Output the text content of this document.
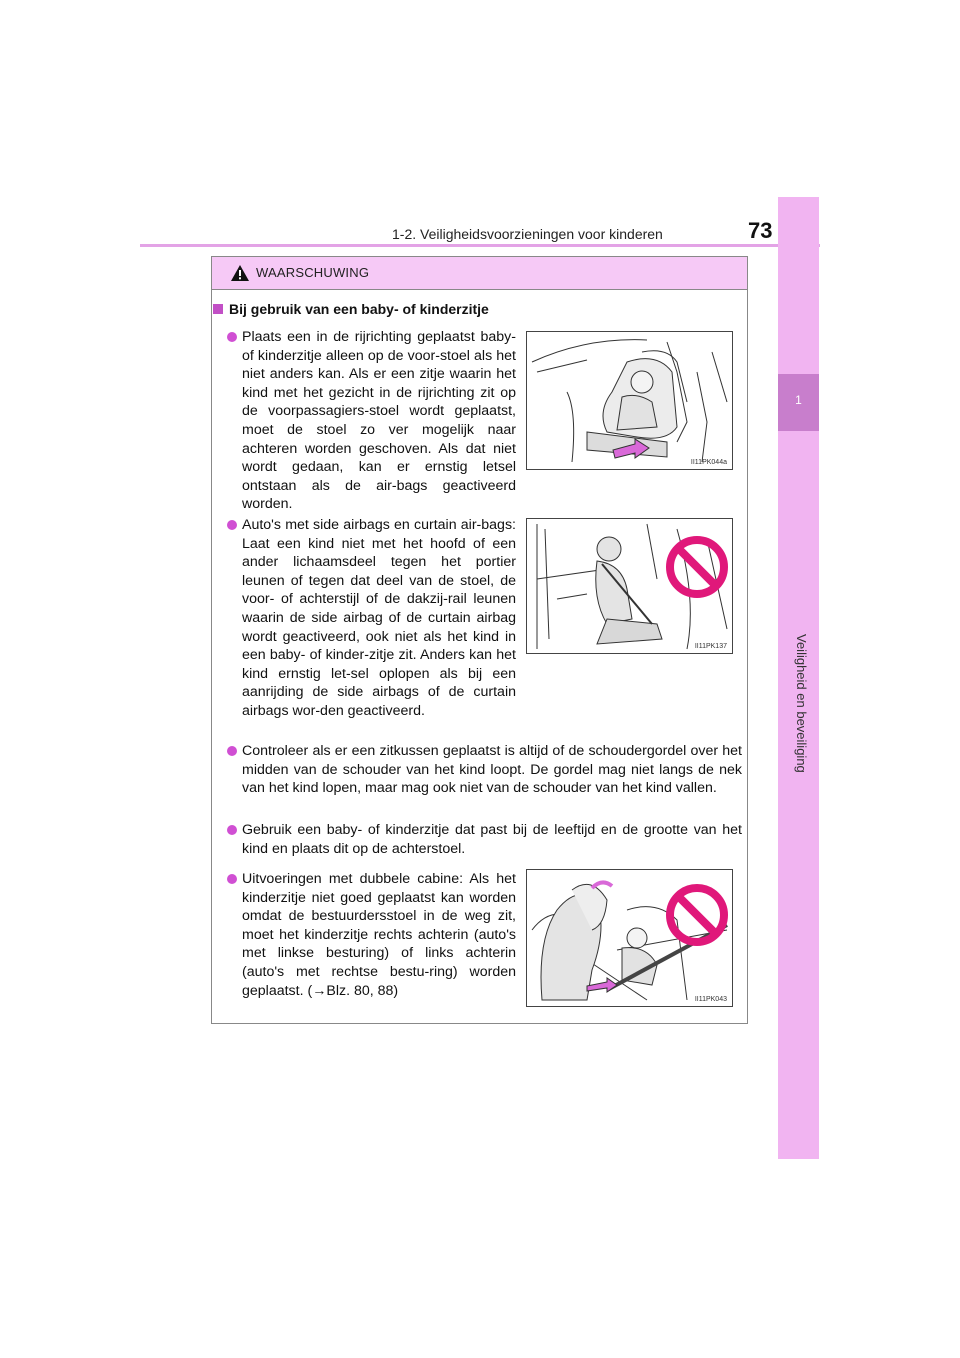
1-2. Veiligheidsvoorzieningen voor kinderen	73
1
Veiligheid en beveiliging
WAARSCHUWING
Bij gebruik van een baby- of kinderzitje
Plaats een in de rijrichting geplaatst baby- of kinderzitje alleen op de voor-stoel als het niet anders kan. Als er een zitje waarin het kind met het gezicht in de rijrichting zit op de voorpassagiers-stoel wordt geplaatst, moet de stoel zo ver mogelijk naar achteren worden geschoven. Als dat niet wordt gedaan, kan er ernstig letsel ontstaan als de air-bags geactiveerd worden.
II11PK044a
Auto's met side airbags en curtain air-bags: Laat een kind niet met het hoofd of een ander lichaamsdeel tegen het portier leunen of tegen dat deel van de stoel, de voor- of achterstijl of de dakzij-rail leunen waarin de side airbag of de curtain airbag wordt geactiveerd, ook niet als het kind in een baby- of kinder-zitje zit. Anders kan het kind ernstig let-sel oplopen als bij een aanrijding de side airbags of de curtain airbags wor-den geactiveerd.
II11PK137
Controleer als er een zitkussen geplaatst is altijd of de schoudergordel over het midden van de schouder van het kind loopt. De gordel mag niet langs de nek van het kind lopen, maar mag ook niet van de schouder van het kind vallen.
Gebruik een baby- of kinderzitje dat past bij de leeftijd en de grootte van het kind en plaats dit op de achterstoel.
Uitvoeringen met dubbele cabine: Als het kinderzitje niet goed geplaatst kan worden omdat de bestuurdersstoel in de weg zit, moet het kinderzitje rechts achterin (auto's met linkse besturing) of links achterin (auto's met rechtse bestu-ring) worden geplaatst. (→Blz. 80, 88)
II11PK043
